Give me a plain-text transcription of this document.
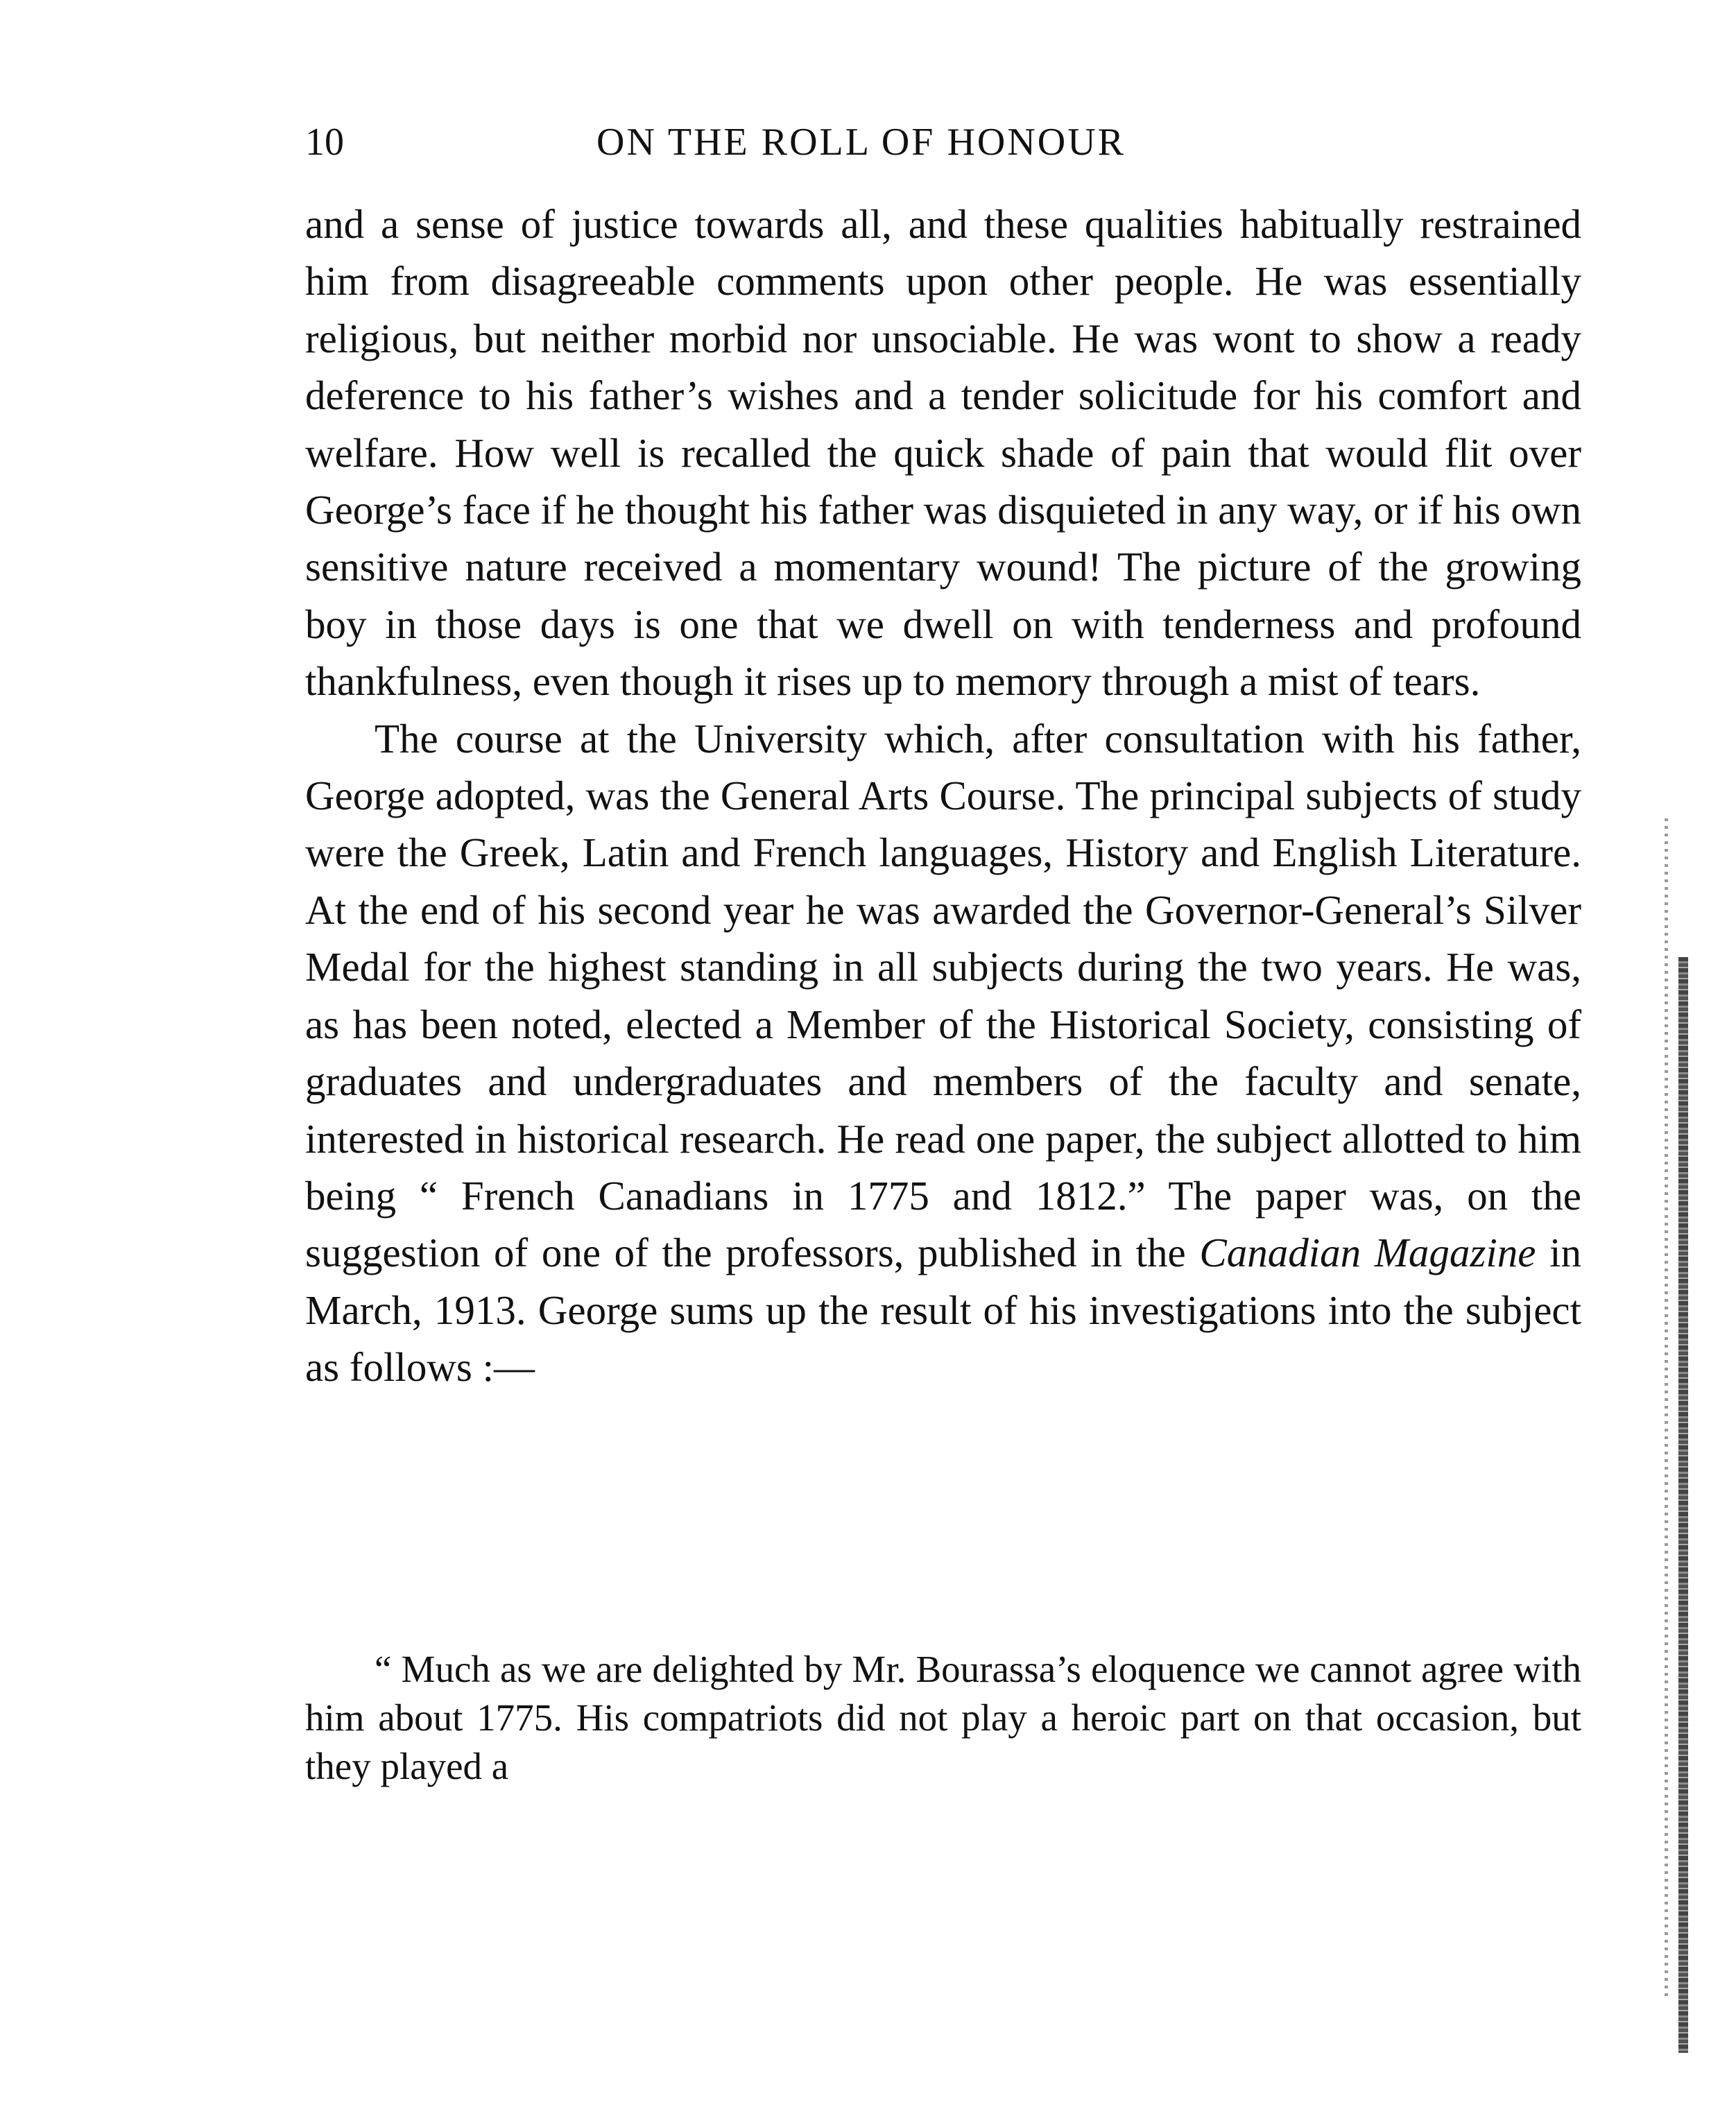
10	ON THE ROLL OF HONOUR

and a sense of justice towards all, and these qualities habitually restrained him from disagreeable comments upon other people. He was essentially religious, but neither morbid nor unsociable. He was wont to show a ready deference to his father’s wishes and a tender solicitude for his comfort and welfare. How well is recalled the quick shade of pain that would flit over George’s face if he thought his father was disquieted in any way, or if his own sensitive nature received a momentary wound! The picture of the growing boy in those days is one that we dwell on with tenderness and profound thankfulness, even though it rises up to memory through a mist of tears.

The course at the University which, after consultation with his father, George adopted, was the General Arts Course. The principal subjects of study were the Greek, Latin and French languages, History and English Literature. At the end of his second year he was awarded the Governor-General’s Silver Medal for the highest standing in all subjects during the two years. He was, as has been noted, elected a Member of the Historical Society, consisting of graduates and undergraduates and members of the faculty and senate, interested in historical research. He read one paper, the subject allotted to him being “ French Canadians in 1775 and 1812.” The paper was, on the suggestion of one of the professors, published in the Canadian Magazine in March, 1913. George sums up the result of his investigations into the subject as follows :—

“ Much as we are delighted by Mr. Bourassa’s eloquence we cannot agree with him about 1775. His compatriots did not play a heroic part on that occasion, but they played a
